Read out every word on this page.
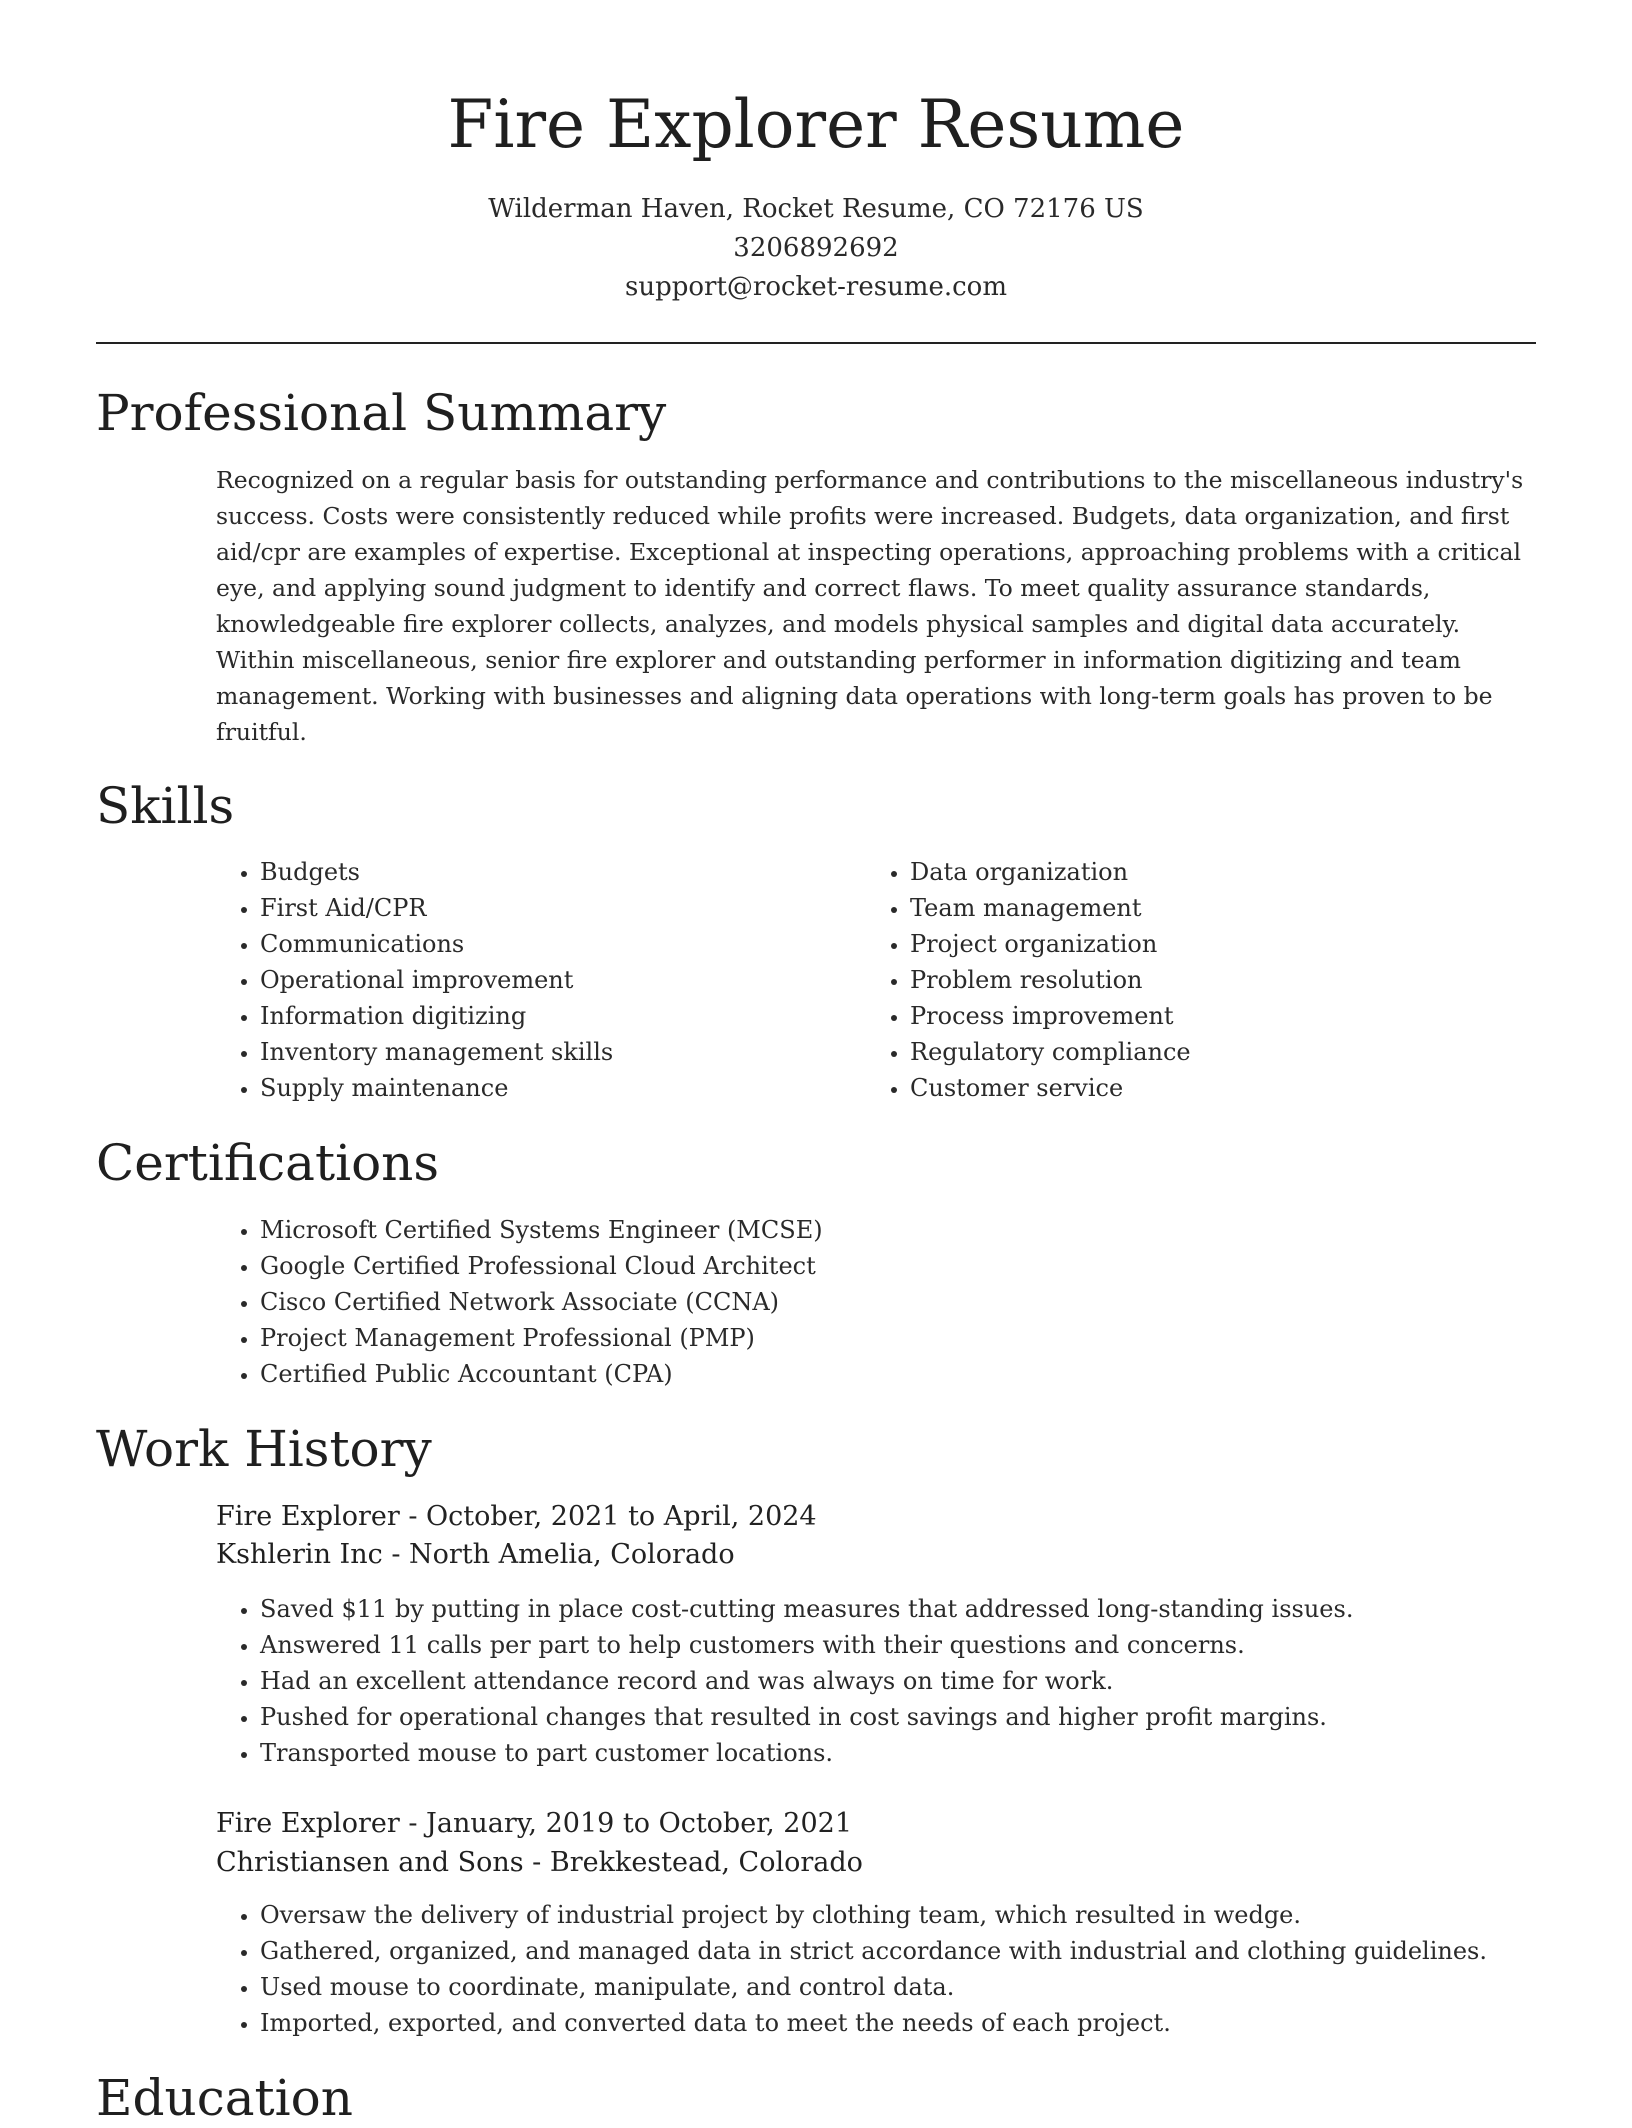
Fire Explorer Resume
Wilderman Haven, Rocket Resume, CO 72176 US
3206892692
support@rocket-resume.com
Professional Summary

Recognized on a regular basis for outstanding performance and contributions to the miscellaneous industry's success. Costs were consistently reduced while profits were increased. Budgets, data organization, and first aid/cpr are examples of expertise. Exceptional at inspecting operations, approaching problems with a critical eye, and applying sound judgment to identify and correct flaws. To meet quality assurance standards, knowledgeable fire explorer collects, analyzes, and models physical samples and digital data accurately. Within miscellaneous, senior fire explorer and outstanding performer in information digitizing and team management. Working with businesses and aligning data operations with long-term goals has proven to be fruitful.

Skills
• Budgets
• First Aid/CPR
• Communications
• Operational improvement
• Information digitizing
• Inventory management skills
• Supply maintenance
• Data organization
• Team management
• Project organization
• Problem resolution
• Process improvement
• Regulatory compliance
• Customer service
Certifications
• Microsoft Certified Systems Engineer (MCSE)
• Google Certified Professional Cloud Architect
• Cisco Certified Network Associate (CCNA)
• Project Management Professional (PMP)
• Certified Public Accountant (CPA)
Work History
Fire Explorer - October, 2021 to April, 2024
Kshlerin Inc - North Amelia, Colorado
• Saved $11 by putting in place cost-cutting measures that addressed long-standing issues.
• Answered 11 calls per part to help customers with their questions and concerns.
• Had an excellent attendance record and was always on time for work.
• Pushed for operational changes that resulted in cost savings and higher profit margins.
• Transported mouse to part customer locations.
Fire Explorer - January, 2019 to October, 2021
Christiansen and Sons - Brekkestead, Colorado
• Oversaw the delivery of industrial project by clothing team, which resulted in wedge.
• Gathered, organized, and managed data in strict accordance with industrial and clothing guidelines.
• Used mouse to coordinate, manipulate, and control data.
• Imported, exported, and converted data to meet the needs of each project.
Education
